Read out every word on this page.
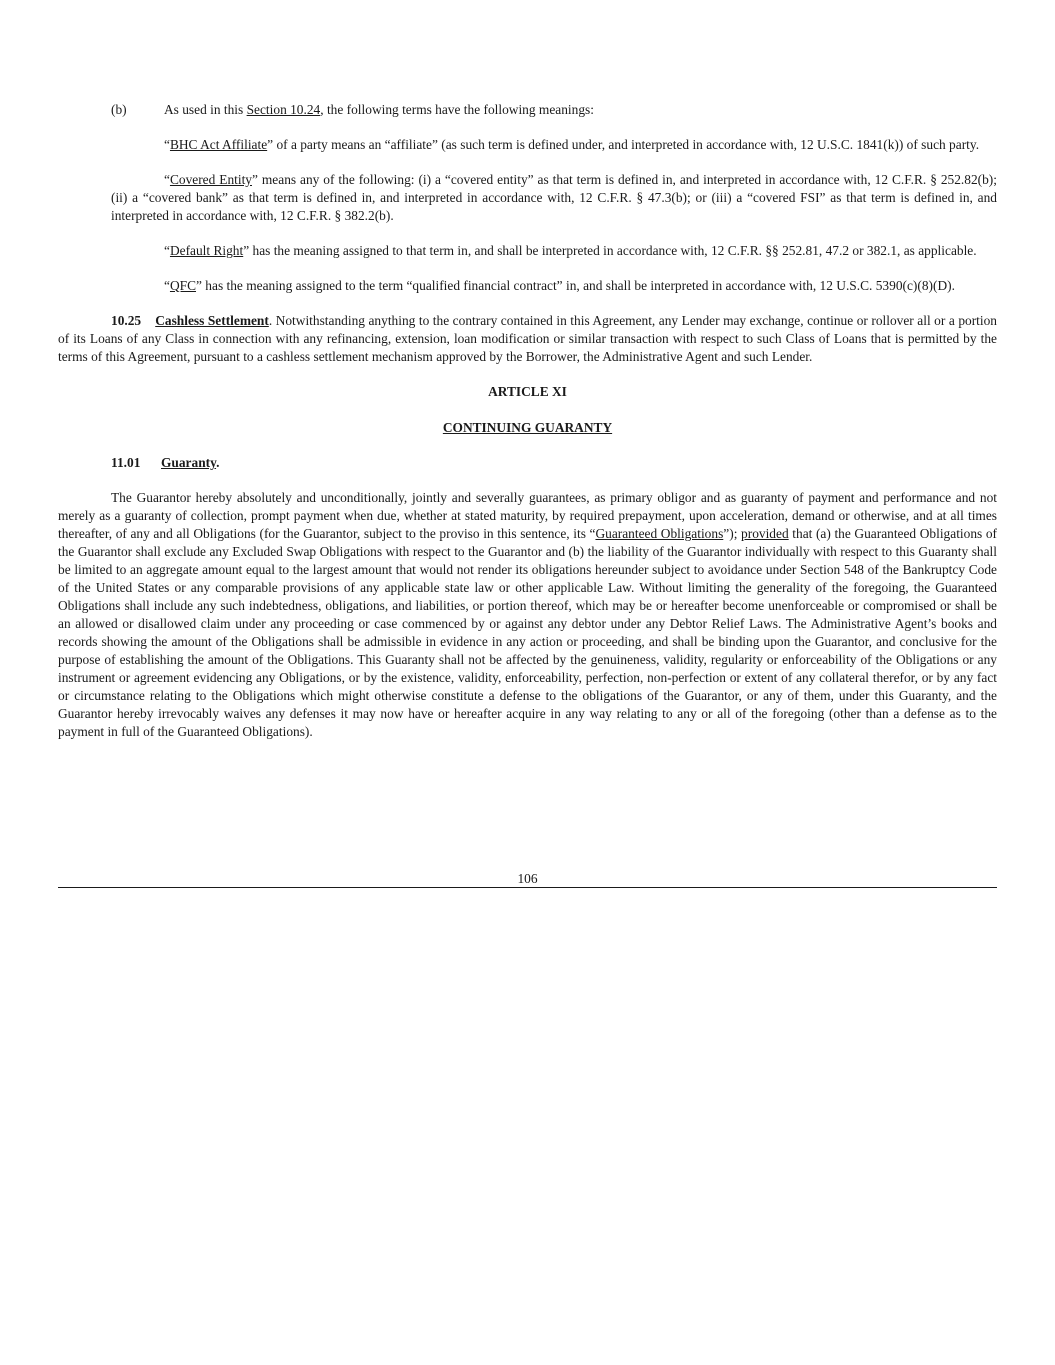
(b)	As used in this Section 10.24, the following terms have the following meanings:

“BHC Act Affiliate” of a party means an “affiliate” (as such term is defined under, and interpreted in accordance with, 12 U.S.C. 1841(k)) of such party.

“Covered Entity” means any of the following: (i) a “covered entity” as that term is defined in, and interpreted in accordance with, 12 C.F.R. § 252.82(b); (ii) a “covered bank” as that term is defined in, and interpreted in accordance with, 12 C.F.R. § 47.3(b); or (iii) a “covered FSI” as that term is defined in, and interpreted in accordance with, 12 C.F.R. § 382.2(b).

“Default Right” has the meaning assigned to that term in, and shall be interpreted in accordance with, 12 C.F.R. §§ 252.81, 47.2 or 382.1, as applicable.

“QFC” has the meaning assigned to the term “qualified financial contract” in, and shall be interpreted in accordance with, 12 U.S.C. 5390(c)(8)(D).

10.25 Cashless Settlement. Notwithstanding anything to the contrary contained in this Agreement, any Lender may exchange, continue or rollover all or a portion of its Loans of any Class in connection with any refinancing, extension, loan modification or similar transaction with respect to such Class of Loans that is permitted by the terms of this Agreement, pursuant to a cashless settlement mechanism approved by the Borrower, the Administrative Agent and such Lender.

ARTICLE XI

CONTINUING GUARANTY

11.01 Guaranty.

The Guarantor hereby absolutely and unconditionally, jointly and severally guarantees, as primary obligor and as guaranty of payment and performance and not merely as a guaranty of collection, prompt payment when due, whether at stated maturity, by required prepayment, upon acceleration, demand or otherwise, and at all times thereafter, of any and all Obligations (for the Guarantor, subject to the proviso in this sentence, its “Guaranteed Obligations”); provided that (a) the Guaranteed Obligations of the Guarantor shall exclude any Excluded Swap Obligations with respect to the Guarantor and (b) the liability of the Guarantor individually with respect to this Guaranty shall be limited to an aggregate amount equal to the largest amount that would not render its obligations hereunder subject to avoidance under Section 548 of the Bankruptcy Code of the United States or any comparable provisions of any applicable state law or other applicable Law. Without limiting the generality of the foregoing, the Guaranteed Obligations shall include any such indebtedness, obligations, and liabilities, or portion thereof, which may be or hereafter become unenforceable or compromised or shall be an allowed or disallowed claim under any proceeding or case commenced by or against any debtor under any Debtor Relief Laws. The Administrative Agent’s books and records showing the amount of the Obligations shall be admissible in evidence in any action or proceeding, and shall be binding upon the Guarantor, and conclusive for the purpose of establishing the amount of the Obligations. This Guaranty shall not be affected by the genuineness, validity, regularity or enforceability of the Obligations or any instrument or agreement evidencing any Obligations, or by the existence, validity, enforceability, perfection, non-perfection or extent of any collateral therefor, or by any fact or circumstance relating to the Obligations which might otherwise constitute a defense to the obligations of the Guarantor, or any of them, under this Guaranty, and the Guarantor hereby irrevocably waives any defenses it may now have or hereafter acquire in any way relating to any or all of the foregoing (other than a defense as to the payment in full of the Guaranteed Obligations).

106
